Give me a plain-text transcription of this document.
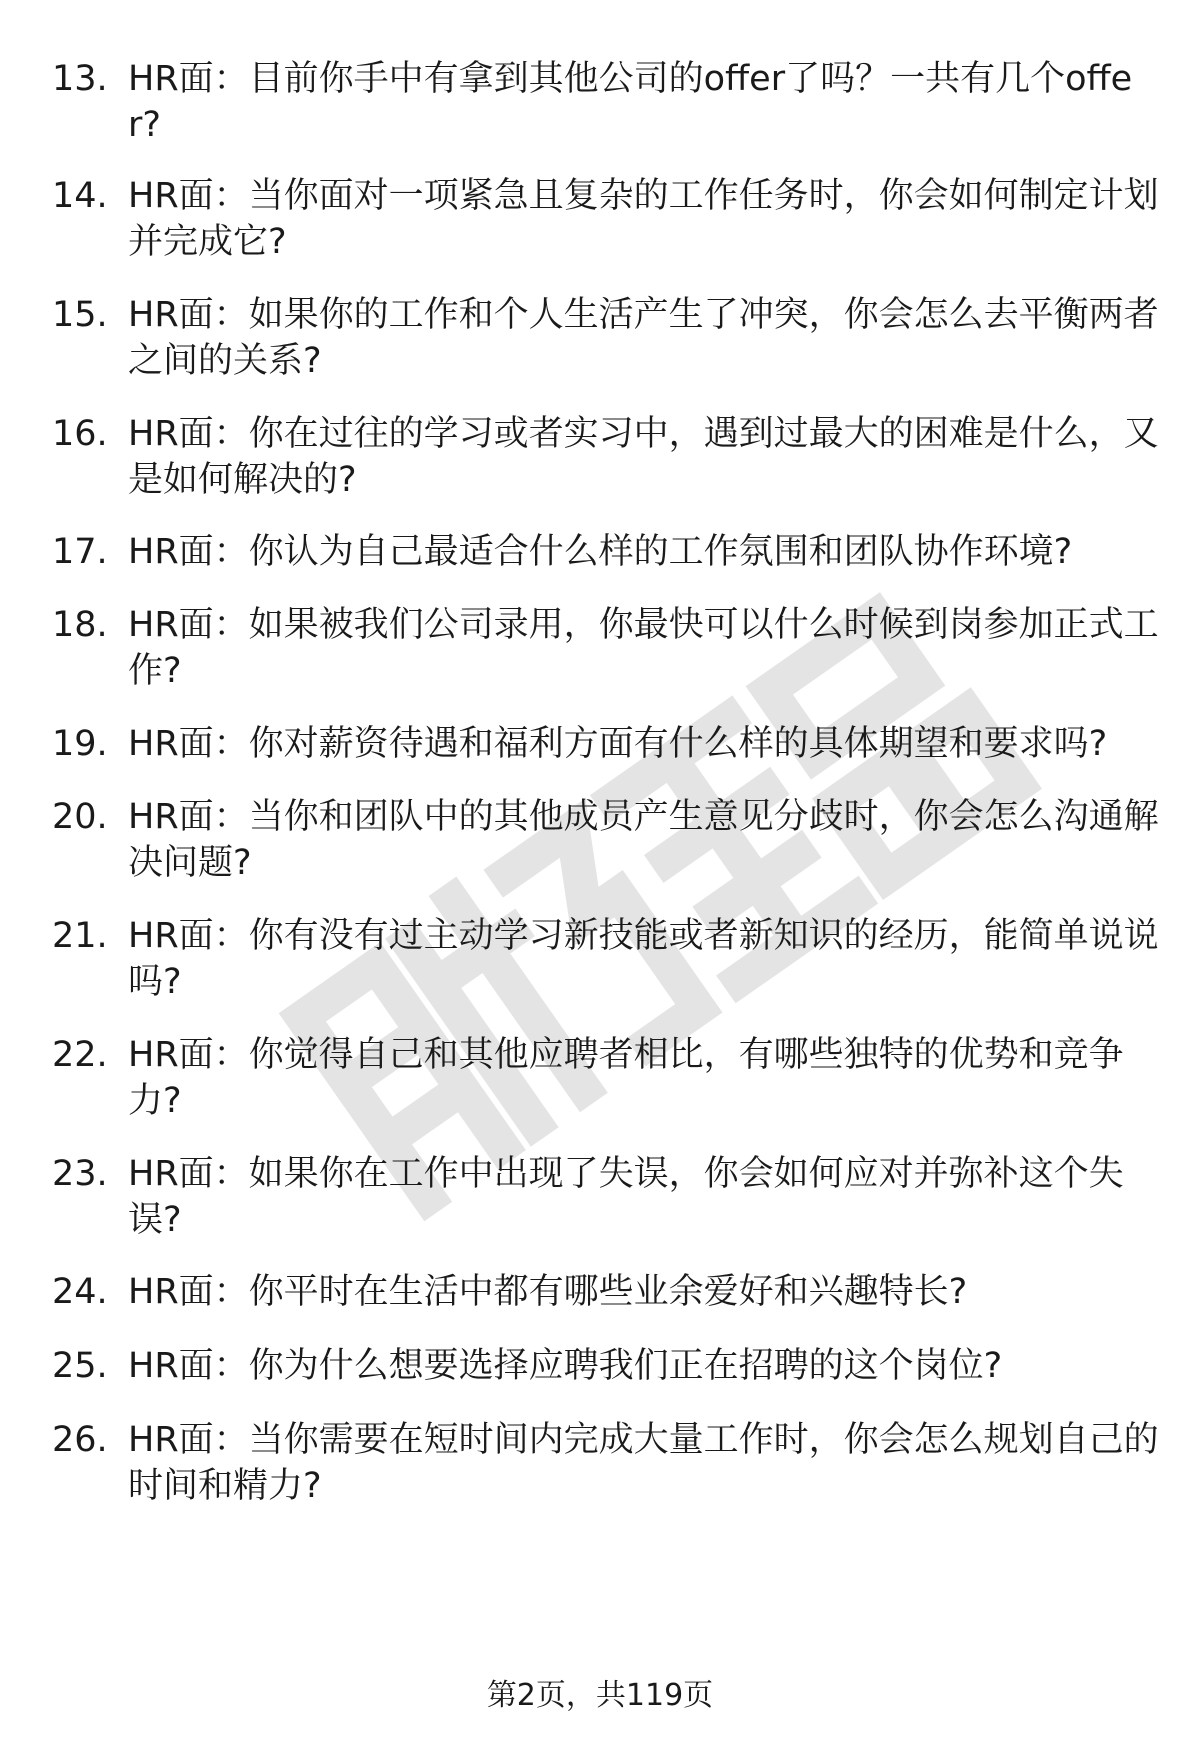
13. HR面：目前你手中有拿到其他公司的offer了吗？一共有几个offer?
14. HR面：当你面对一项紧急且复杂的工作任务时，你会如何制定计划并完成它?
15. HR面：如果你的工作和个人生活产生了冲突，你会怎么去平衡两者之间的关系?
16. HR面：你在过往的学习或者实习中，遇到过最大的困难是什么，又是如何解决的?
17. HR面：你认为自己最适合什么样的工作氛围和团队协作环境?
18. HR面：如果被我们公司录用，你最快可以什么时候到岗参加正式工作?
19. HR面：你对薪资待遇和福利方面有什么样的具体期望和要求吗?
20. HR面：当你和团队中的其他成员产生意见分歧时，你会怎么沟通解决问题?
21. HR面：你有没有过主动学习新技能或者新知识的经历，能简单说说吗?
22. HR面：你觉得自己和其他应聘者相比，有哪些独特的优势和竞争力?
23. HR面：如果你在工作中出现了失误，你会如何应对并弥补这个失误?
24. HR面：你平时在生活中都有哪些业余爱好和兴趣特长?
25. HR面：你为什么想要选择应聘我们正在招聘的这个岗位?
26. HR面：当你需要在短时间内完成大量工作时，你会怎么规划自己的时间和精力?
第2页，共119页
